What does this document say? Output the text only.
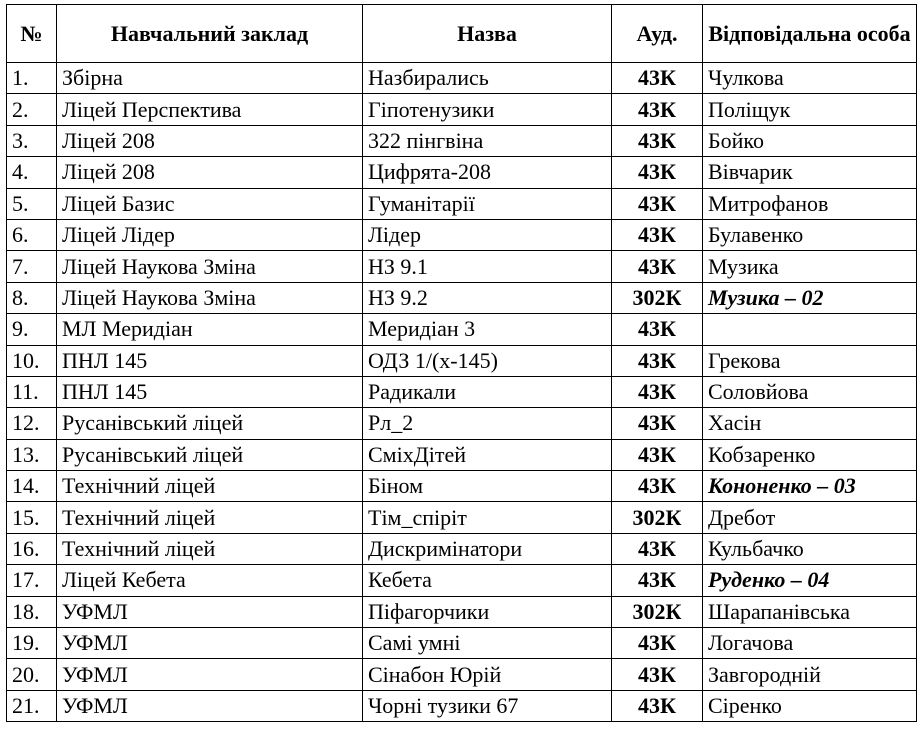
№	Навчальний заклад	Назва	Ауд.	Відповідальна особа
1.	Збірна	Назбирались	43К	Чулкова
2.	Ліцей Перспектива	Гіпотенузики	43К	Поліщук
3.	Ліцей 208	322 пінгвіна	43К	Бойко
4.	Ліцей 208	Цифрята-208	43К	Вівчарик
5.	Ліцей Базис	Гуманітарії	43К	Митрофанов
6.	Ліцей Лідер	Лідер	43К	Булавенко
7.	Ліцей Наукова Зміна	НЗ 9.1	43К	Музика
8.	Ліцей Наукова Зміна	НЗ 9.2	302К	Музика – 02
9.	МЛ Меридіан	Меридіан 3	43К	
10.	ПНЛ 145	ОДЗ 1/(х-145)	43К	Грекова
11.	ПНЛ 145	Радикали	43К	Соловйова
12.	Русанівський ліцей	Рл_2	43К	Хасін
13.	Русанівський ліцей	СміхДітей	43К	Кобзаренко
14.	Технічний ліцей	Біном	43К	Кононенко – 03
15.	Технічний ліцей	Тім_спіріт	302К	Дребот
16.	Технічний ліцей	Дискримінатори	43К	Кульбачко
17.	Ліцей Кебета	Кебета	43К	Руденко – 04
18.	УФМЛ	Піфагорчики	302К	Шарапанівська
19.	УФМЛ	Самі умні	43К	Логачова
20.	УФМЛ	Сінабон Юрій	43К	Завгородній
21.	УФМЛ	Чорні тузики 67	43К	Сіренко
